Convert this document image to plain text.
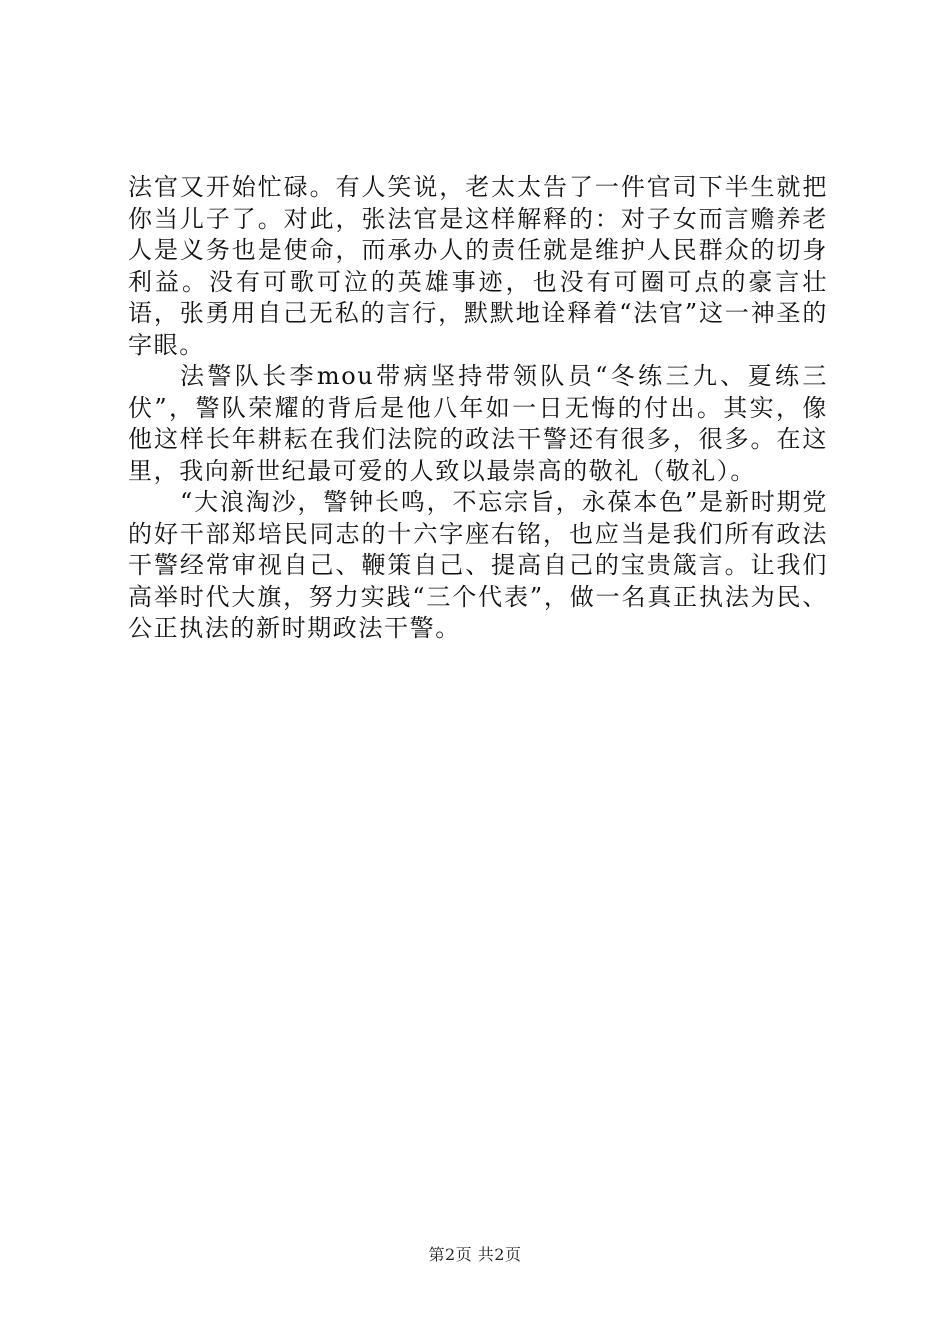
法官又开始忙碌。有人笑说，老太太告了一件官司下半生就把你当儿子了。对此，张法官是这样解释的：对子女而言赡养老人是义务也是使命，而承办人的责任就是维护人民群众的切身利益。没有可歌可泣的英雄事迹，也没有可圈可点的豪言壮语，张勇用自己无私的言行，默默地诠释着“法官”这一神圣的字眼。

法警队长李mou带病坚持带领队员“冬练三九、夏练三伏”，警队荣耀的背后是他八年如一日无悔的付出。其实，像他这样长年耕耘在我们法院的政法干警还有很多，很多。在这里，我向新世纪最可爱的人致以最崇高的敬礼（敬礼）。

“大浪淘沙，警钟长鸣，不忘宗旨，永葆本色”是新时期党的好干部郑培民同志的十六字座右铭，也应当是我们所有政法干警经常审视自己、鞭策自己、提高自己的宝贵箴言。让我们高举时代大旗，努力实践“三个代表”，做一名真正执法为民、公正执法的新时期政法干警。

第2页 共2页
